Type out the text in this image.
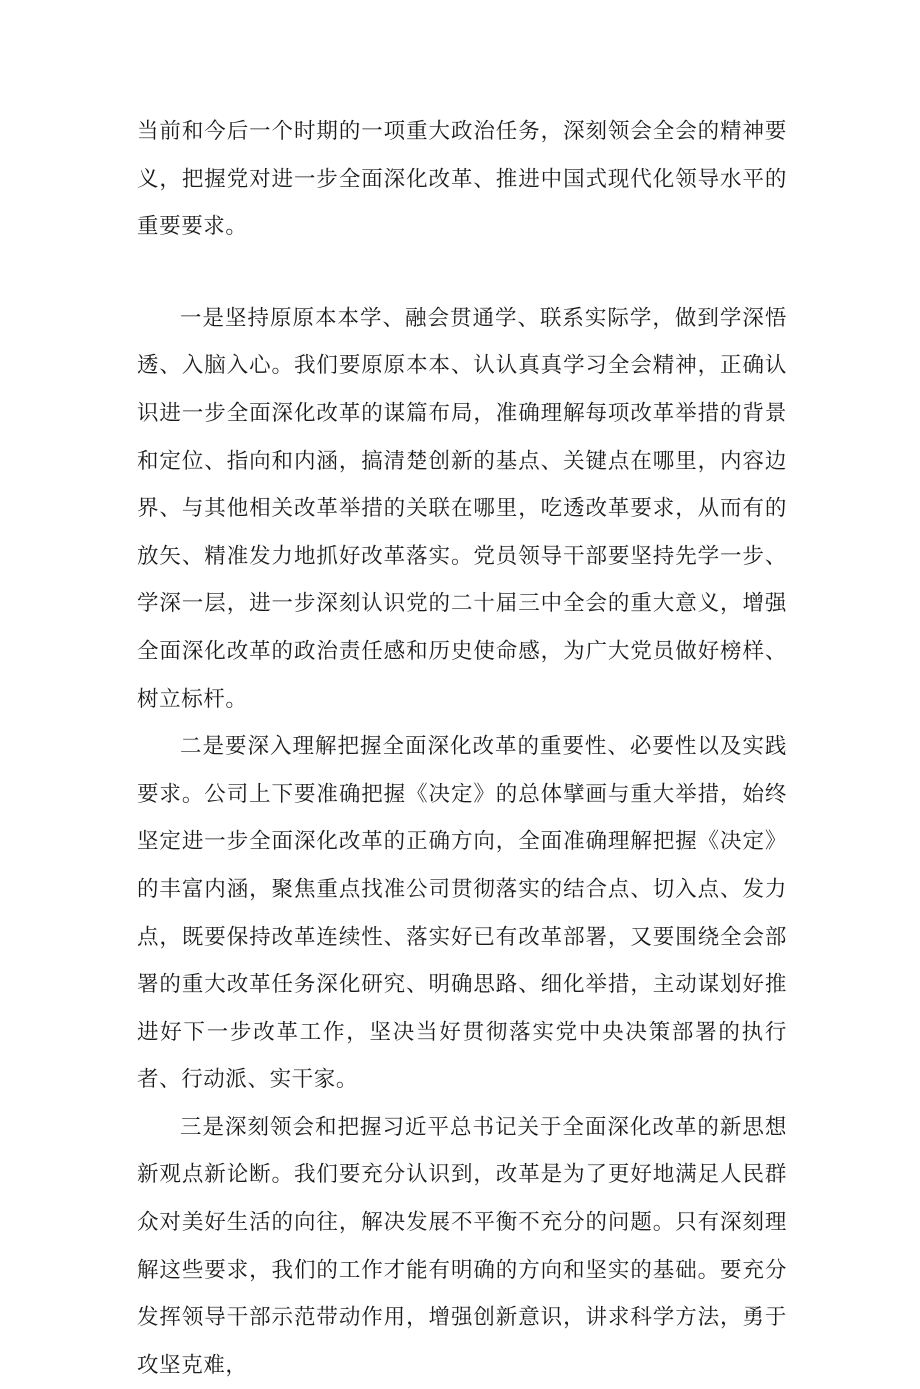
当前和今后一个时期的一项重大政治任务，深刻领会全会的精神要义，把握党对进一步全面深化改革、推进中国式现代化领导水平的重要要求。

一是坚持原原本本学、融会贯通学、联系实际学，做到学深悟透、入脑入心。我们要原原本本、认认真真学习全会精神，正确认识进一步全面深化改革的谋篇布局，准确理解每项改革举措的背景和定位、指向和内涵，搞清楚创新的基点、关键点在哪里，内容边界、与其他相关改革举措的关联在哪里，吃透改革要求，从而有的放矢、精准发力地抓好改革落实。党员领导干部要坚持先学一步、学深一层，进一步深刻认识党的二十届三中全会的重大意义，增强全面深化改革的政治责任感和历史使命感，为广大党员做好榜样、树立标杆。

二是要深入理解把握全面深化改革的重要性、必要性以及实践要求。公司上下要准确把握《决定》的总体擘画与重大举措，始终坚定进一步全面深化改革的正确方向，全面准确理解把握《决定》的丰富内涵，聚焦重点找准公司贯彻落实的结合点、切入点、发力点，既要保持改革连续性、落实好已有改革部署，又要围绕全会部署的重大改革任务深化研究、明确思路、细化举措，主动谋划好推进好下一步改革工作，坚决当好贯彻落实党中央决策部署的执行者、行动派、实干家。

三是深刻领会和把握习近平总书记关于全面深化改革的新思想新观点新论断。我们要充分认识到，改革是为了更好地满足人民群众对美好生活的向往，解决发展不平衡不充分的问题。只有深刻理解这些要求，我们的工作才能有明确的方向和坚实的基础。要充分发挥领导干部示范带动作用，增强创新意识，讲求科学方法，勇于攻坚克难，
